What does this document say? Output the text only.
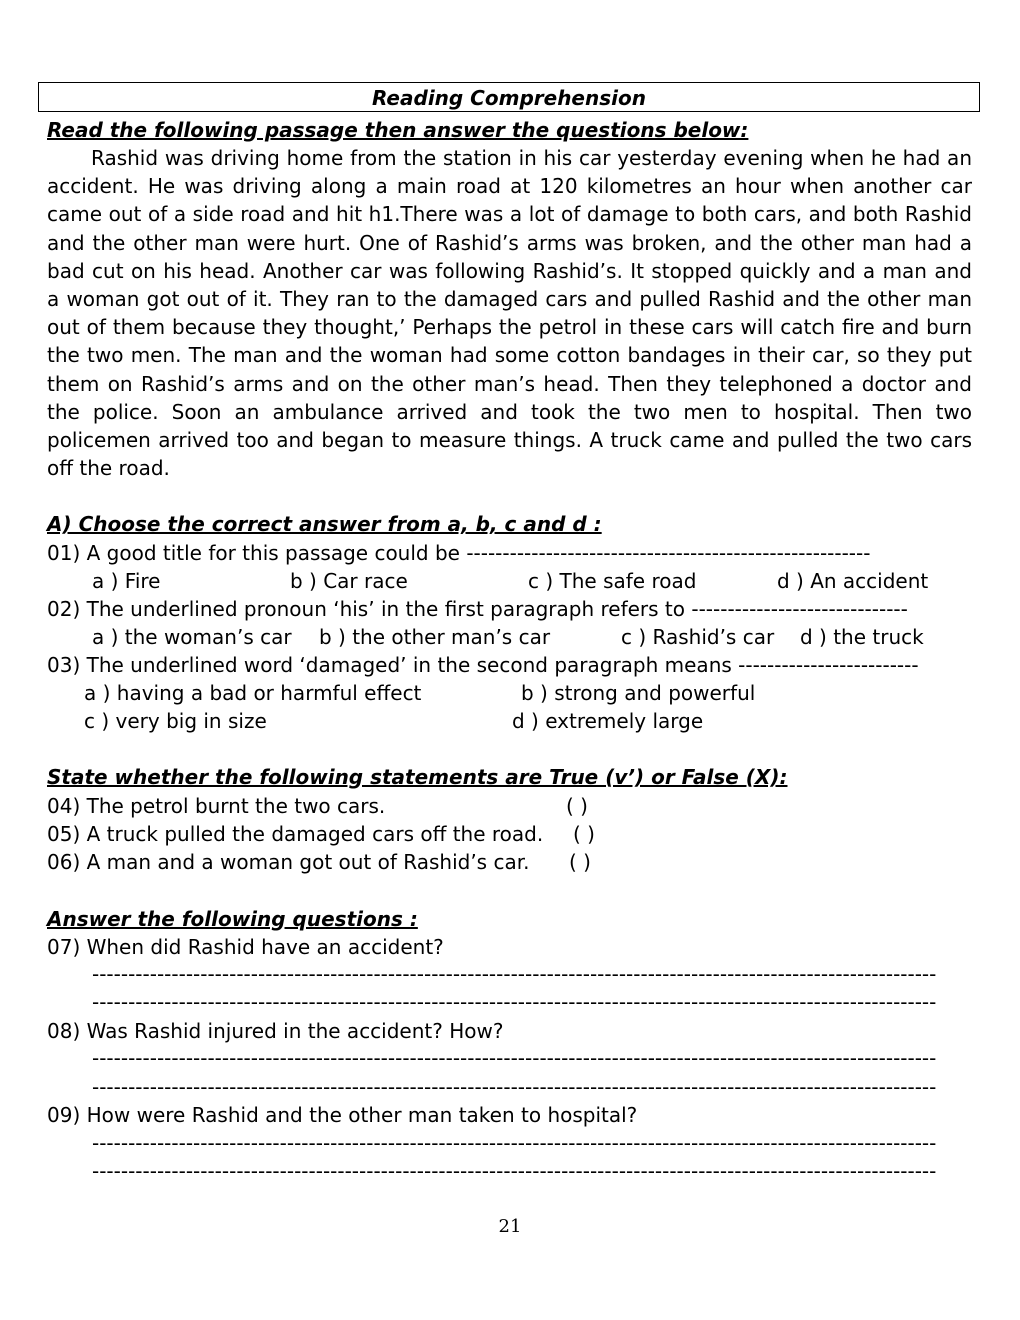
Reading Comprehension
Read the following passage then answer the questions below:
Rashid was driving home from the station in his car yesterday evening when he had an accident. He was driving along a main road at 120 kilometres an hour when another car came out of a side road and hit h1.There was a lot of damage to both cars, and both Rashid and the other man were hurt. One of Rashid’s arms was broken, and the other man had a bad cut on his head. Another car was following Rashid’s. It stopped quickly and a man and a woman got out of it. They ran to the damaged cars and pulled Rashid and the other man out of them because they thought,’ Perhaps the petrol in these cars will catch fire and burn the two men. The man and the woman had some cotton bandages in their car, so they put them on Rashid’s arms and on the other man’s head. Then they telephoned a doctor and the police. Soon an ambulance arrived and took the two men to hospital. Then two policemen arrived too and began to measure things. A truck came and pulled the two cars off the road.
A) Choose the correct answer from a, b, c and d :
01) A good title for this passage could be --------------------------------------------------------
a ) Fire	b ) Car race	c ) The safe road	d ) An accident
02) The underlined pronoun ‘his’ in the first paragraph refers to ------------------------------
a ) the woman’s car b ) the other man’s car	c ) Rashid’s car d ) the truck
03) The underlined word ‘damaged’ in the second paragraph means -------------------------
a ) having a bad or harmful effect	b ) strong and powerful
c ) very big in size	d ) extremely large
State whether the following statements are True (v’) or False (X):
04) The petrol burnt the two cars.	( )
05) A truck pulled the damaged cars off the road. ( )
06) A man and a woman got out of Rashid’s car. ( )
Answer the following questions :
07) When did Rashid have an accident?
---------------------------------------------------------------------------------------------------------------------
---------------------------------------------------------------------------------------------------------------------
08) Was Rashid injured in the accident? How?
---------------------------------------------------------------------------------------------------------------------
---------------------------------------------------------------------------------------------------------------------
09) How were Rashid and the other man taken to hospital?
---------------------------------------------------------------------------------------------------------------------
---------------------------------------------------------------------------------------------------------------------
21
